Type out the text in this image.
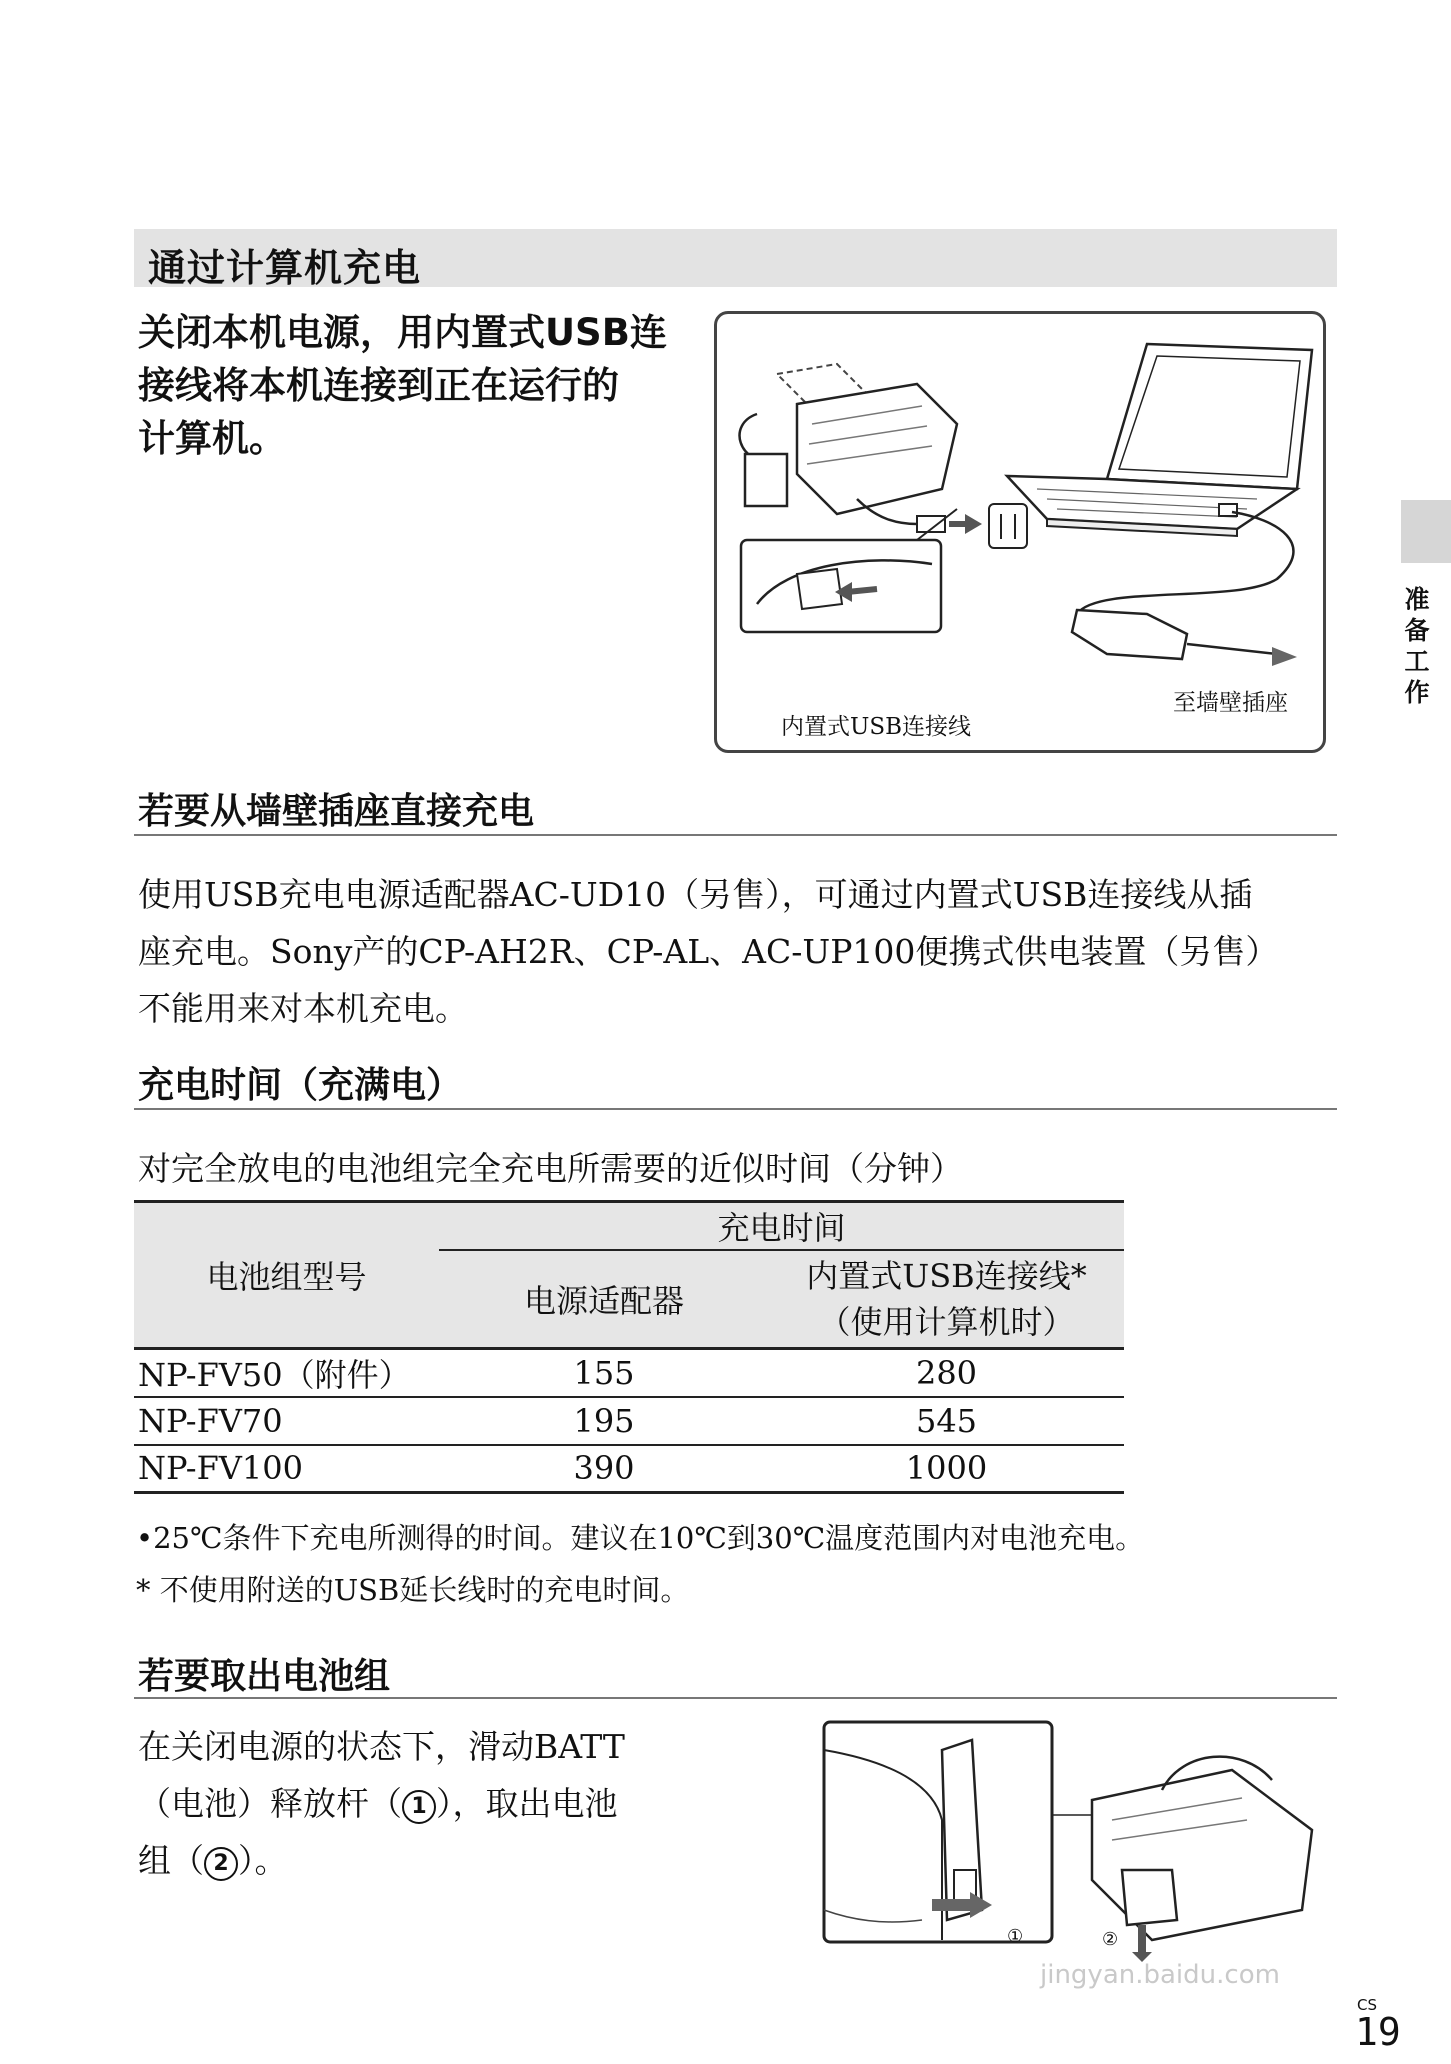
通过计算机充电
关闭本机电源，用内置式USB连
接线将本机连接到正在运行的
计算机。
内置式USB连接线
至墙壁插座	准备工作
若要从墙壁插座直接充电
使用USB充电电源适配器AC-UD10（另售），可通过内置式USB连接线从插
座充电。Sony产的CP-AH2R、CP-AL、AC-UP100便携式供电装置（另售）
不能用来对本机充电。
充电时间（充满电）
对完全放电的电池组完全充电所需要的近似时间（分钟）
电池组型号	充电时间	
	电源适配器	内置式USB连接线*
（使用计算机时）

NP-FV50（附件）	155	280
NP-FV70	195	545
NP-FV100	390	1000
•25℃条件下充电所测得的时间。建议在10℃到30℃温度范围内对电池充电。
* 不使用附送的USB延长线时的充电时间。
若要取出电池组
在关闭电源的状态下，滑动BATT
（电池）释放杆（ 1 ），取出电池
组（ 2 ）。
①	②
CS
19
jingyan.baidu.com
